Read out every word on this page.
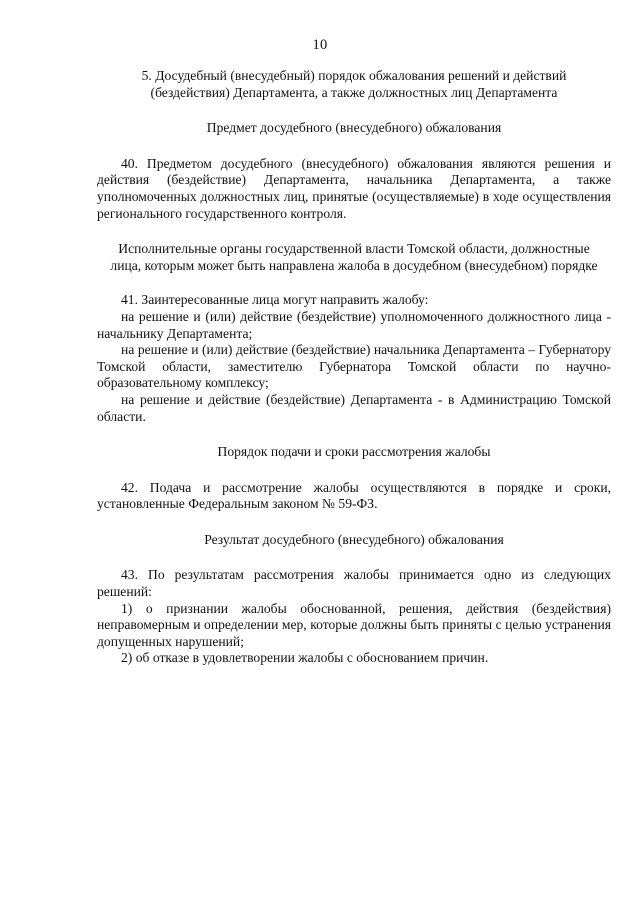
10

5. Досудебный (внесудебный) порядок обжалования решений и действий

(бездействия) Департамента, а также должностных лиц Департамента

Предмет досудебного (внесудебного) обжалования

40. Предметом досудебного (внесудебного) обжалования являются решения и действия (бездействие) Департамента, начальника Департамента, а также уполномоченных должностных лиц, принятые (осуществляемые) в ходе осуществления регионального государственного контроля.

Исполнительные органы государственной власти Томской области, должностные

лица, которым может быть направлена жалоба в досудебном (внесудебном) порядке

41. Заинтересованные лица могут направить жалобу:

на решение и (или) действие (бездействие) уполномоченного должностного лица - начальнику Департамента;

на решение и (или) действие (бездействие) начальника Департамента – Губернатору Томской области, заместителю Губернатора Томской области по научно-образовательному комплексу;

на решение и действие (бездействие) Департамента - в Администрацию Томской области.

Порядок подачи и сроки рассмотрения жалобы

42. Подача и рассмотрение жалобы осуществляются в порядке и сроки, установленные Федеральным законом № 59-ФЗ.

Результат досудебного (внесудебного) обжалования

43. По результатам рассмотрения жалобы принимается одно из следующих решений:

1) о признании жалобы обоснованной, решения, действия (бездействия) неправомерным и определении мер, которые должны быть приняты с целью устранения допущенных нарушений;

2) об отказе в удовлетворении жалобы с обоснованием причин.
